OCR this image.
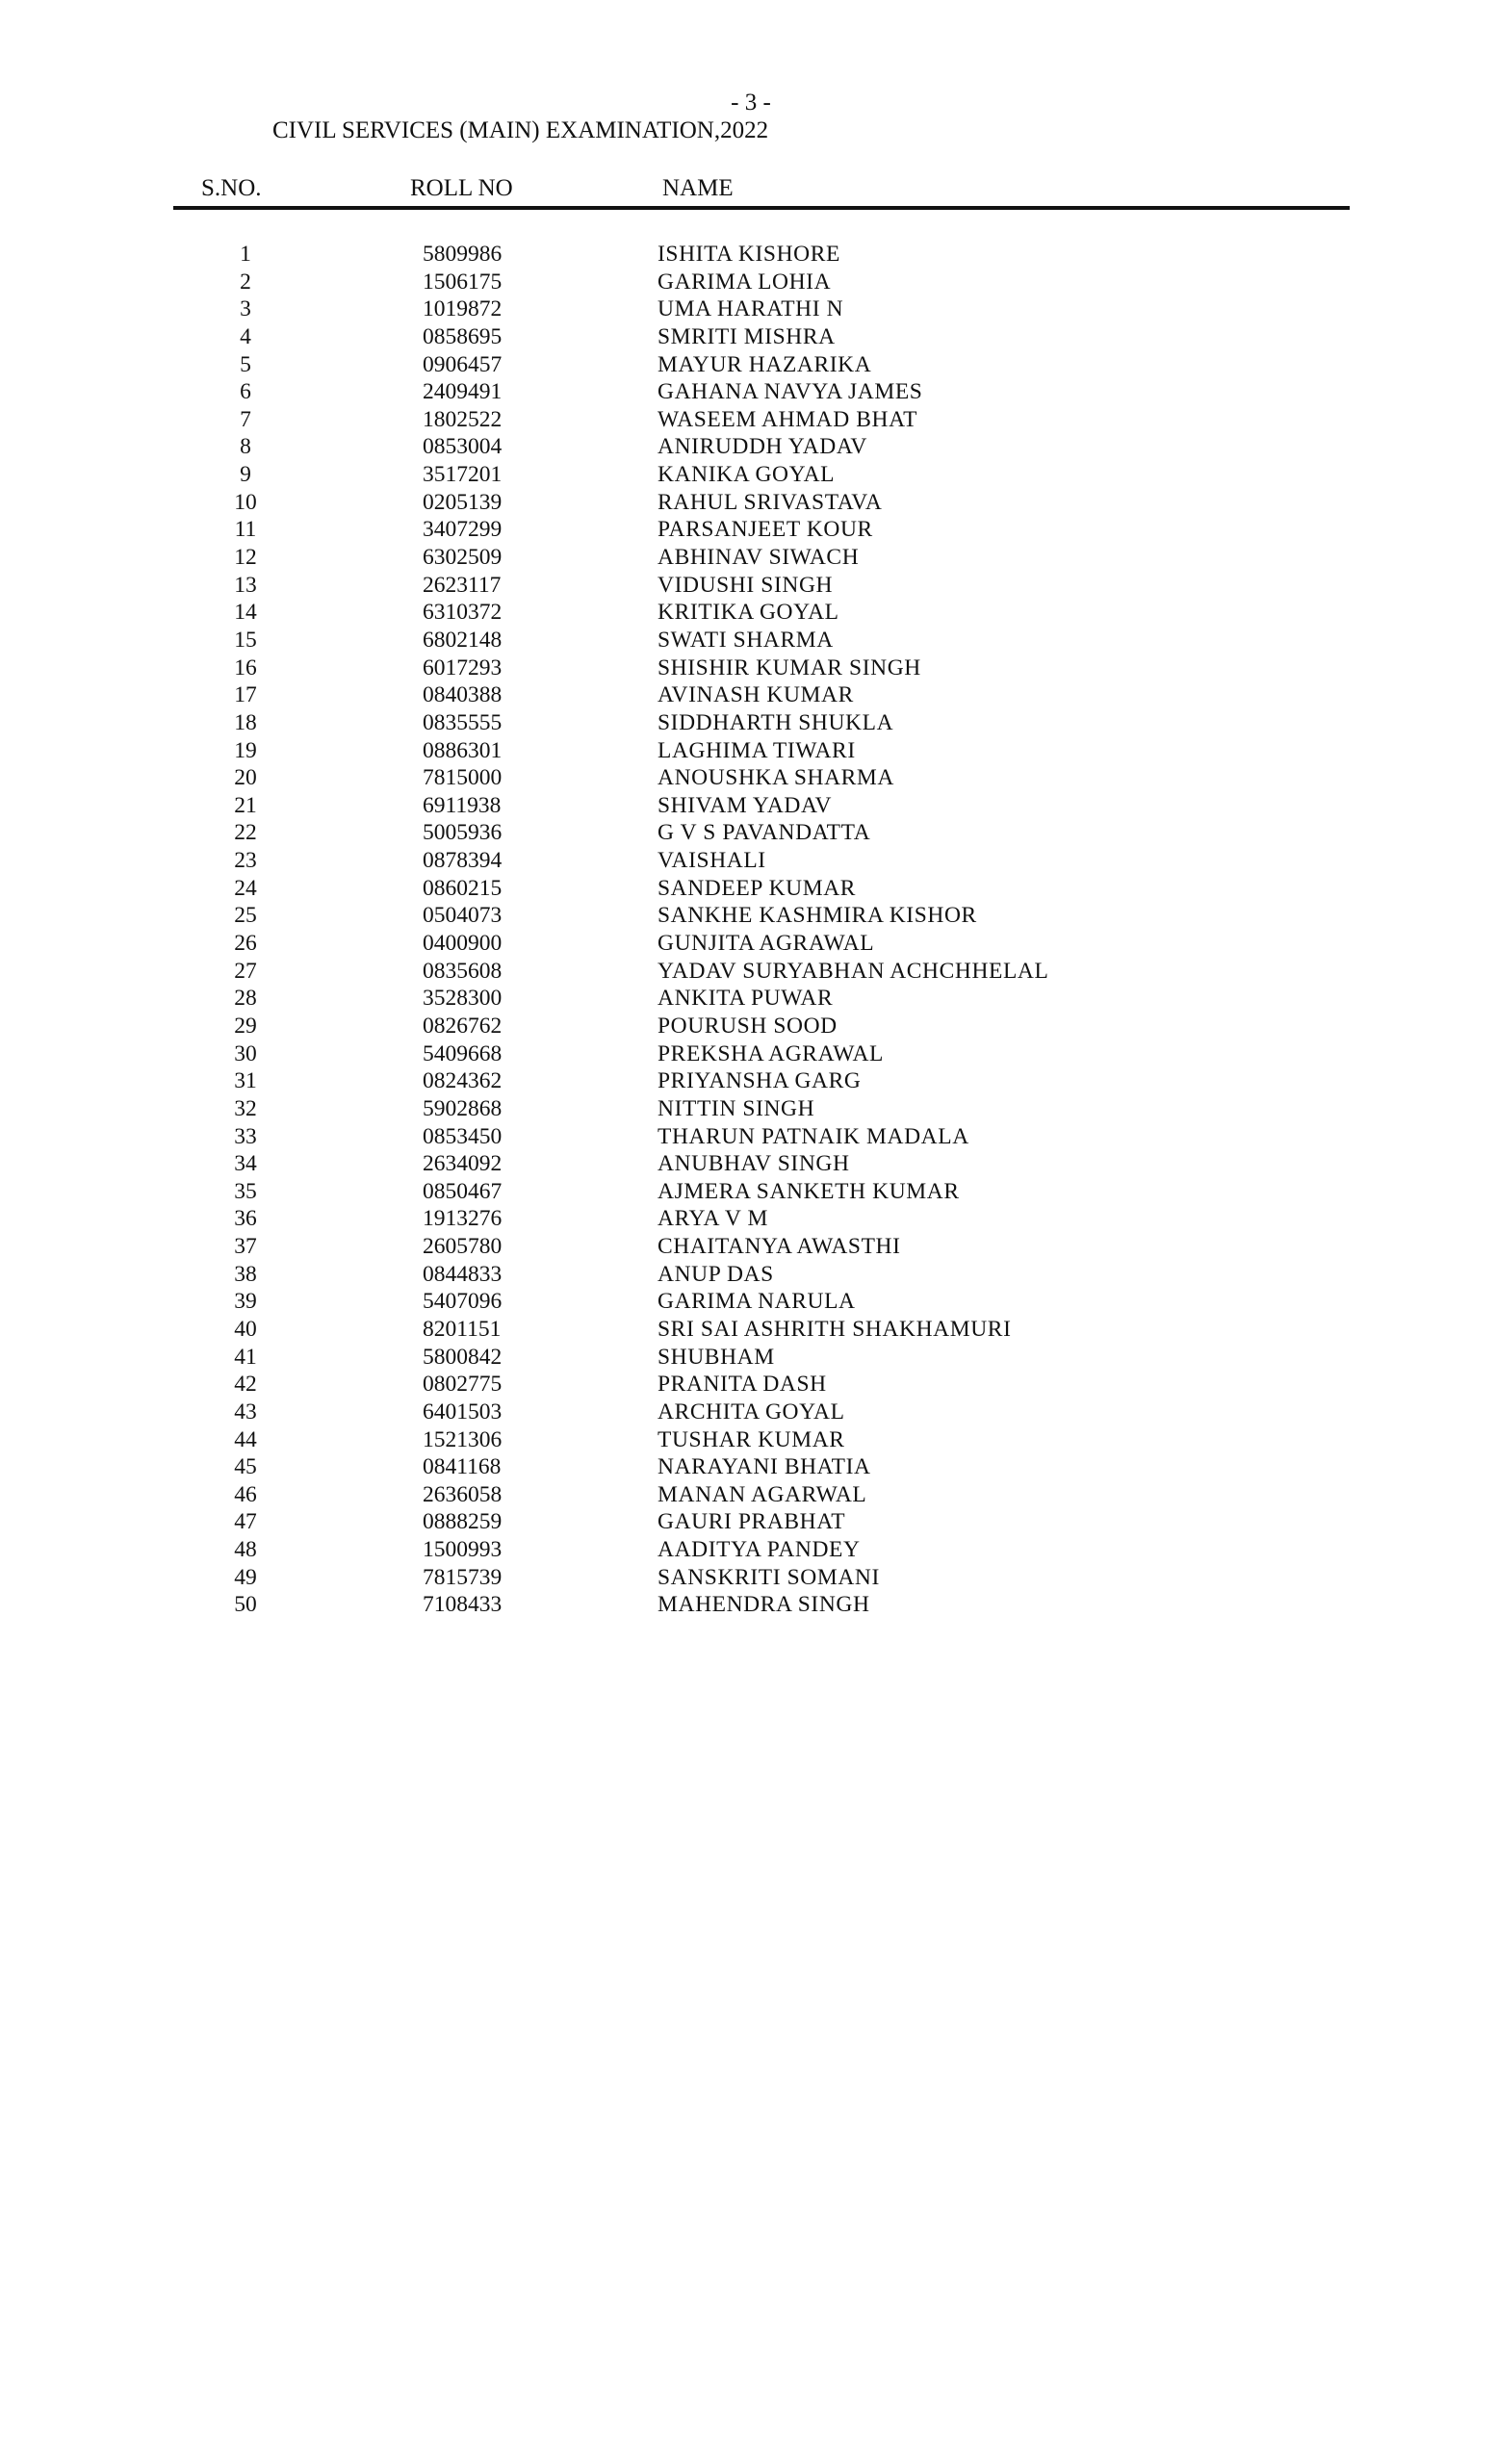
- 3 -
CIVIL SERVICES (MAIN) EXAMINATION,2022
S.NO.	ROLL NO	NAME
1	5809986	ISHITA KISHORE
2	1506175	GARIMA LOHIA
3	1019872	UMA HARATHI N
4	0858695	SMRITI MISHRA
5	0906457	MAYUR HAZARIKA
6	2409491	GAHANA NAVYA JAMES
7	1802522	WASEEM AHMAD BHAT
8	0853004	ANIRUDDH YADAV
9	3517201	KANIKA GOYAL
10	0205139	RAHUL SRIVASTAVA
11	3407299	PARSANJEET KOUR
12	6302509	ABHINAV SIWACH
13	2623117	VIDUSHI SINGH
14	6310372	KRITIKA GOYAL
15	6802148	SWATI SHARMA
16	6017293	SHISHIR KUMAR SINGH
17	0840388	AVINASH KUMAR
18	0835555	SIDDHARTH SHUKLA
19	0886301	LAGHIMA TIWARI
20	7815000	ANOUSHKA SHARMA
21	6911938	SHIVAM YADAV
22	5005936	G V S PAVANDATTA
23	0878394	VAISHALI
24	0860215	SANDEEP KUMAR
25	0504073	SANKHE KASHMIRA KISHOR
26	0400900	GUNJITA AGRAWAL
27	0835608	YADAV SURYABHAN ACHCHHELAL
28	3528300	ANKITA PUWAR
29	0826762	POURUSH SOOD
30	5409668	PREKSHA AGRAWAL
31	0824362	PRIYANSHA GARG
32	5902868	NITTIN SINGH
33	0853450	THARUN PATNAIK MADALA
34	2634092	ANUBHAV SINGH
35	0850467	AJMERA SANKETH KUMAR
36	1913276	ARYA V M
37	2605780	CHAITANYA AWASTHI
38	0844833	ANUP DAS
39	5407096	GARIMA NARULA
40	8201151	SRI SAI ASHRITH SHAKHAMURI
41	5800842	SHUBHAM
42	0802775	PRANITA DASH
43	6401503	ARCHITA GOYAL
44	1521306	TUSHAR KUMAR
45	0841168	NARAYANI BHATIA
46	2636058	MANAN AGARWAL
47	0888259	GAURI PRABHAT
48	1500993	AADITYA PANDEY
49	7815739	SANSKRITI SOMANI
50	7108433	MAHENDRA SINGH
